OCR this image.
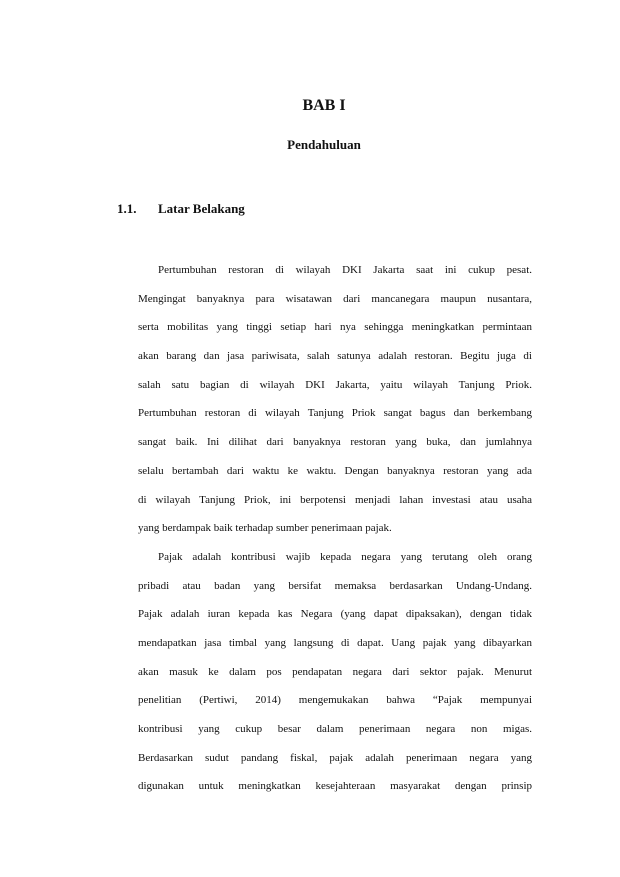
BAB I
Pendahuluan
1.1. Latar Belakang
Pertumbuhan restoran di wilayah DKI Jakarta saat ini cukup pesat.
Mengingat banyaknya para wisatawan dari mancanegara maupun nusantara,
serta mobilitas yang tinggi setiap hari nya sehingga meningkatkan permintaan
akan barang dan jasa pariwisata, salah satunya adalah restoran. Begitu juga di
salah satu bagian di wilayah DKI Jakarta, yaitu wilayah Tanjung Priok.
Pertumbuhan restoran di wilayah Tanjung Priok sangat bagus dan berkembang
sangat baik. Ini dilihat dari banyaknya restoran yang buka, dan jumlahnya
selalu bertambah dari waktu ke waktu. Dengan banyaknya restoran yang ada
di wilayah Tanjung Priok, ini berpotensi menjadi lahan investasi atau usaha
yang berdampak baik terhadap sumber penerimaan pajak.
Pajak adalah kontribusi wajib kepada negara yang terutang oleh orang
pribadi atau badan yang bersifat memaksa berdasarkan Undang-Undang.
Pajak adalah iuran kepada kas Negara (yang dapat dipaksakan), dengan tidak
mendapatkan jasa timbal yang langsung di dapat. Uang pajak yang dibayarkan
akan masuk ke dalam pos pendapatan negara dari sektor pajak. Menurut
penelitian (Pertiwi, 2014) mengemukakan bahwa “Pajak mempunyai
kontribusi yang cukup besar dalam penerimaan negara non migas.
Berdasarkan sudut pandang fiskal, pajak adalah penerimaan negara yang
digunakan untuk meningkatkan kesejahteraan masyarakat dengan prinsip
